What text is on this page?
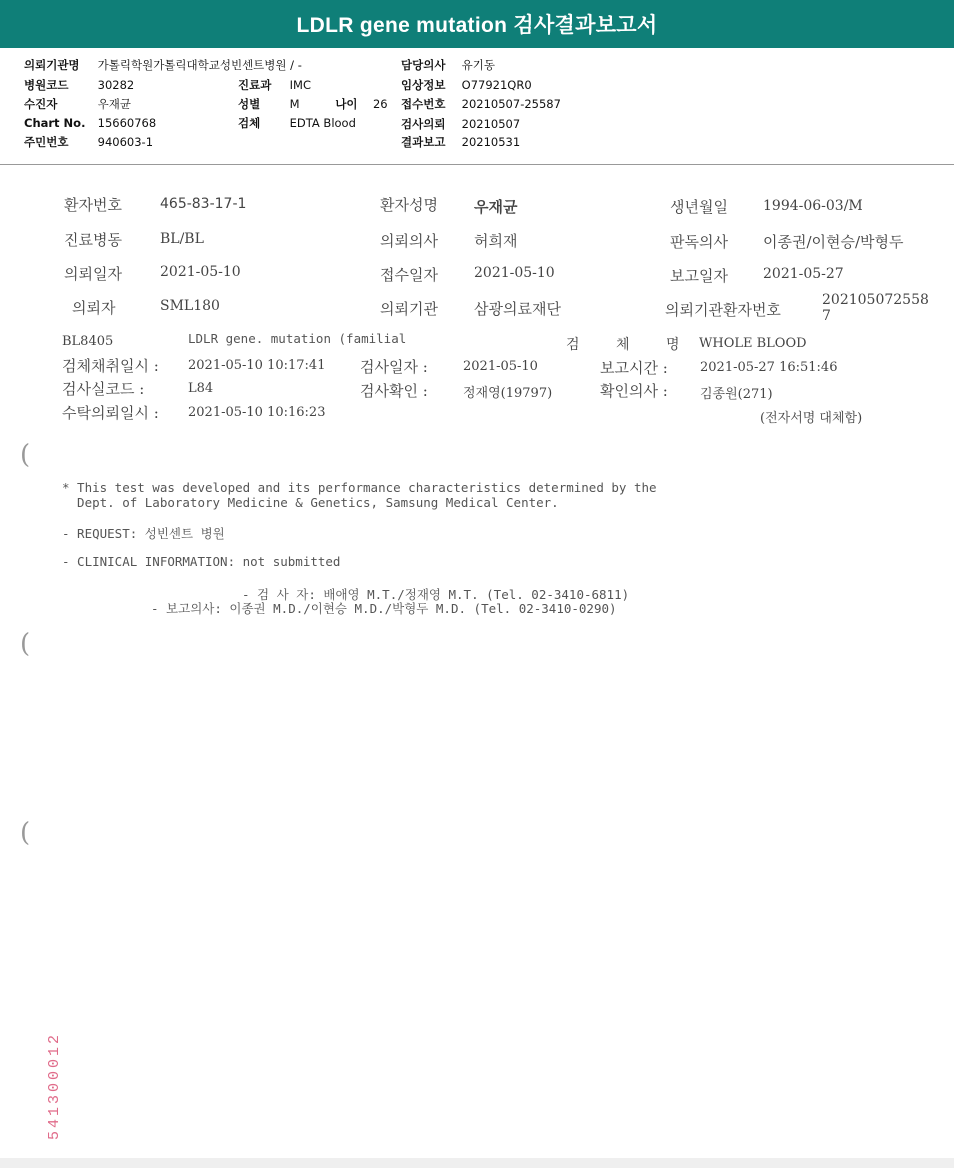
LDLR gene mutation 검사결과보고서
의뢰기관명 가톨릭학원가톨릭대학교성빈센트병원 / -
병원코드	30282
수진자	우재균
Chart No. 15660768
주민번호	940603-1
진료과 IMC
성별	M	나이 26
검체	EDTA Blood
담당의사 유기동
임상정보 O77921QR0
접수번호 20210507-25587
검사의뢰 20210507
결과보고 20210531
환자번호	465-83-17-1	환자성명 우재균	생년월일	1994-06-03/M
진료병동	BL/BL	의뢰의사 허희재	판독의사 이종권/이현승/박형두
의뢰일자	2021-05-10	접수일자	2021-05-10	보고일자	2021-05-27
의뢰자	SML180	의뢰기관 삼광의료재단	의뢰기관환자번호
202105072558
7
BL8405	LDLR gene. mutation (familial	검 체 명 WHOLE BLOOD
검체채취일시 : 2021-05-10 10:17:41 검사일자 :	2021-05-10	보고시간 : 2021-05-27 16:51:46
검사실코드 :	L84	검사확인 :	정재영(19797)	확인의사 : 김종원(271)
수탁의뢰일시 : 2021-05-10 10:16:23	(전자서명 대체함)
(
(
(
* This test was developed and its performance characteristics determined by the
Dept. of Laboratory Medicine & Genetics, Samsung Medical Center.
- REQUEST: 성빈센트 병원
- CLINICAL INFORMATION: not submitted
- 검 사 자: 배애영 M.T./정재영 M.T. (Tel. 02-3410-6811)
- 보고의사: 이종권 M.D./이현승 M.D./박형두 M.D. (Tel. 02-3410-0290)
541300012
